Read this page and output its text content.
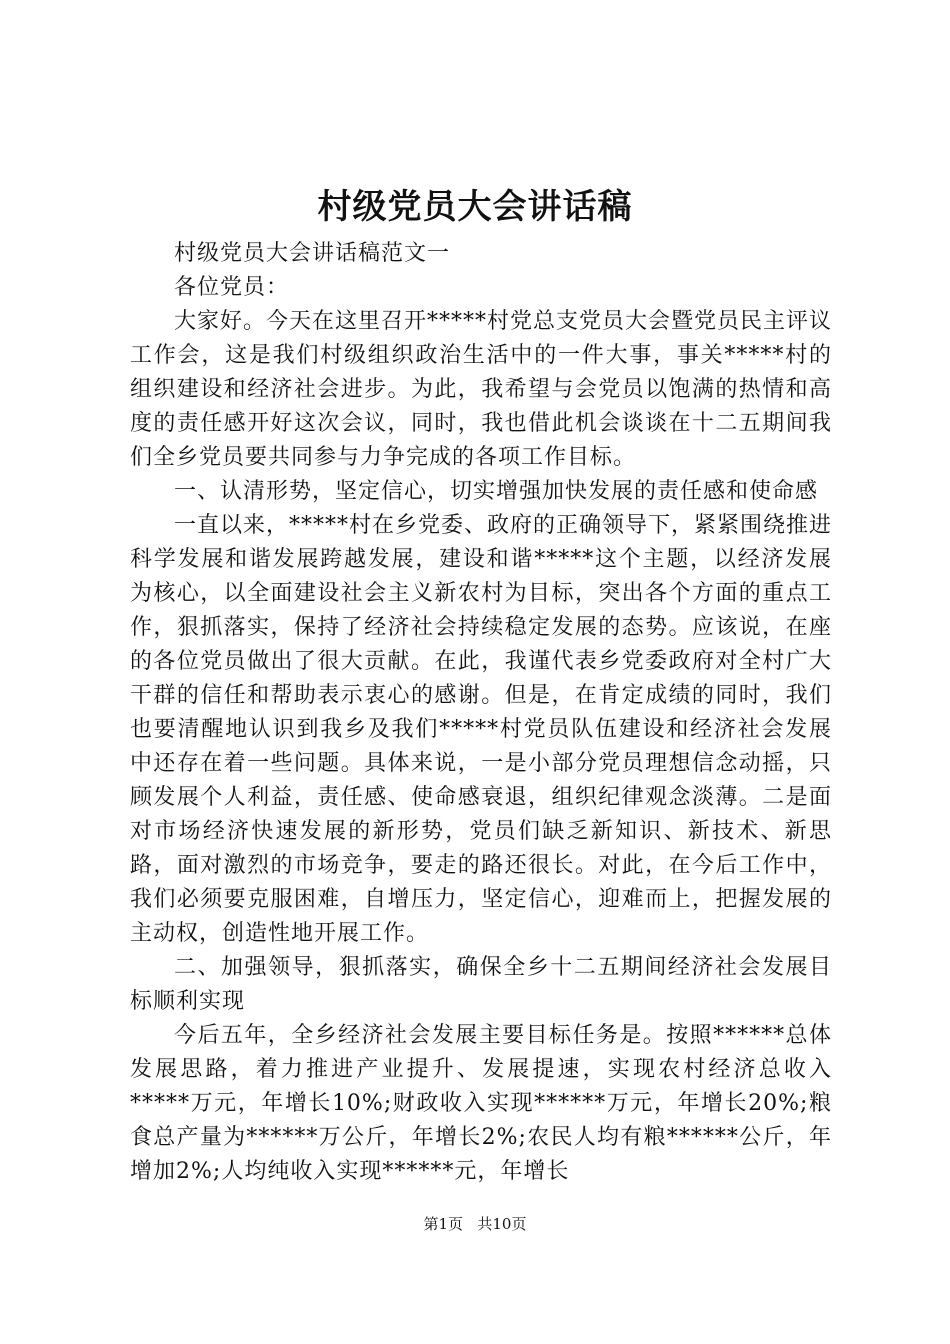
村级党员大会讲话稿

村级党员大会讲话稿范文一

各位党员：

大家好。今天在这里召开*****村党总支党员大会暨党员民主评议工作会，这是我们村级组织政治生活中的一件大事，事关*****村的组织建设和经济社会进步。为此，我希望与会党员以饱满的热情和高度的责任感开好这次会议，同时，我也借此机会谈谈在十二五期间我们全乡党员要共同参与力争完成的各项工作目标。

一、认清形势，坚定信心，切实增强加快发展的责任感和使命感

一直以来，*****村在乡党委、政府的正确领导下，紧紧围绕推进科学发展和谐发展跨越发展，建设和谐*****这个主题，以经济发展为核心，以全面建设社会主义新农村为目标，突出各个方面的重点工作，狠抓落实，保持了经济社会持续稳定发展的态势。应该说，在座的各位党员做出了很大贡献。在此，我谨代表乡党委政府对全村广大干群的信任和帮助表示衷心的感谢。但是，在肯定成绩的同时，我们也要清醒地认识到我乡及我们*****村党员队伍建设和经济社会发展中还存在着一些问题。具体来说，一是小部分党员理想信念动摇，只顾发展个人利益，责任感、使命感衰退，组织纪律观念淡薄。二是面对市场经济快速发展的新形势，党员们缺乏新知识、新技术、新思路，面对激烈的市场竞争，要走的路还很长。对此，在今后工作中，我们必须要克服困难，自增压力，坚定信心，迎难而上，把握发展的主动权，创造性地开展工作。

二、加强领导，狠抓落实，确保全乡十二五期间经济社会发展目标顺利实现

今后五年，全乡经济社会发展主要目标任务是。按照******总体发展思路，着力推进产业提升、发展提速，实现农村经济总收入*****万元，年增长10%;财政收入实现******万元，年增长20%;粮食总产量为******万公斤，年增长2%;农民人均有粮******公斤，年增加2%;人均纯收入实现******元，年增长

第1页 共10页
